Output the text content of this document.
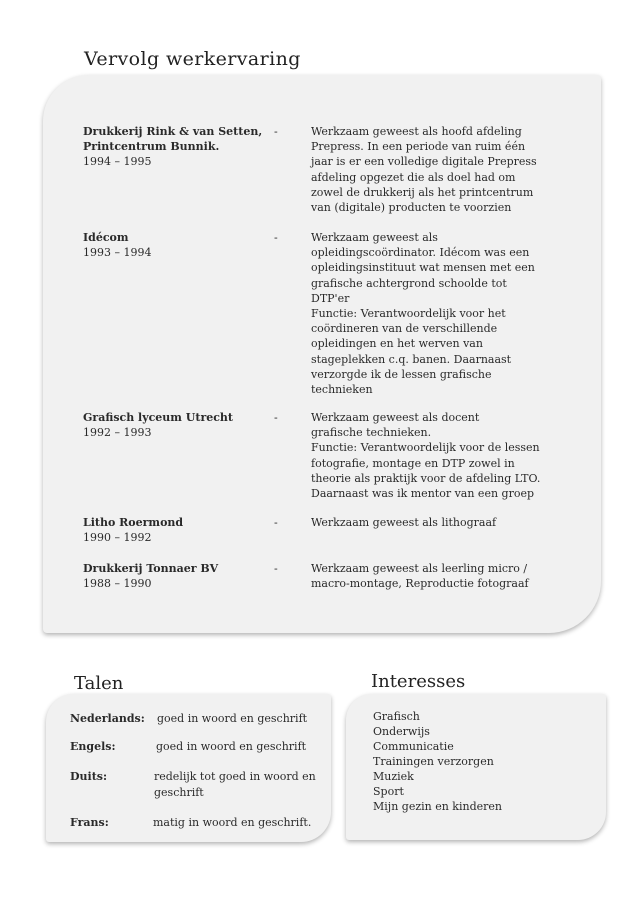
Vervolg werkervaring
Drukkerij Rink & van Setten,
Printcentrum Bunnik.
1994 – 1995
-	Werkzaam geweest als hoofd afdeling
Prepress. In een periode van ruim één
jaar is er een volledige digitale Prepress
afdeling opgezet die als doel had om
zowel de drukkerij als het printcentrum
van (digitale) producten te voorzien
Idécom
1993 – 1994
-	Werkzaam geweest als
opleidingscoördinator. Idécom was een
opleidingsinstituut wat mensen met een
grafische achtergrond schoolde tot
DTP'er
Functie: Verantwoordelijk voor het
coördineren van de verschillende
opleidingen en het werven van
stageplekken c.q. banen. Daarnaast
verzorgde ik de lessen grafische
technieken
Grafisch lyceum Utrecht
1992 – 1993
-	Werkzaam geweest als docent
grafische technieken.
Functie: Verantwoordelijk voor de lessen
fotografie, montage en DTP zowel in
theorie als praktijk voor de afdeling LTO.
Daarnaast was ik mentor van een groep
Litho Roermond
1990 – 1992
-	Werkzaam geweest als lithograaf
Drukkerij Tonnaer BV
1988 – 1990
-	Werkzaam geweest als leerling micro /
macro-montage, Reproductie fotograaf
Talen
Nederlands: goed in woord en geschrift
Engels:	goed in woord en geschrift
Duits:	redelijk tot goed in woord en
geschrift
Frans:	matig in woord en geschrift.
Interesses
Grafisch
Onderwijs
Communicatie
Trainingen verzorgen
Muziek
Sport
Mijn gezin en kinderen
